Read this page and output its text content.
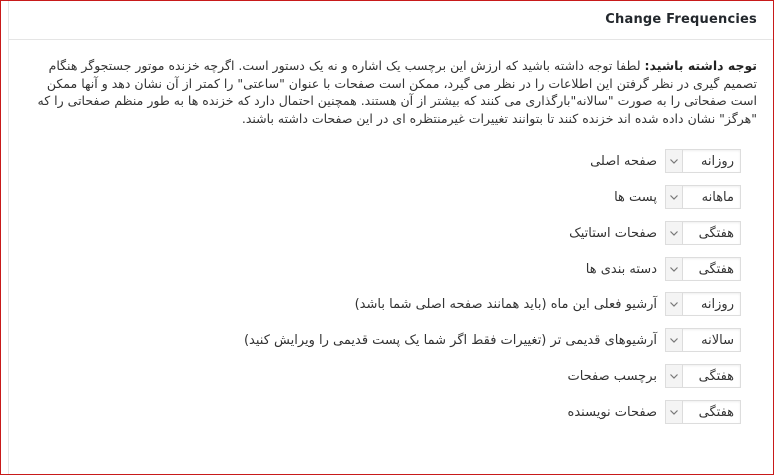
Change Frequencies

توجه داشته باشید: لطفا توجه داشته باشید که ارزش این برچسب یک اشاره و نه یک دستور است. اگرچه خزنده موتور جستجوگر هنگام تصمیم گیری در نظر گرفتن این اطلاعات را در نظر می گیرد، ممکن است صفحات با عنوان "ساعتی" را کمتر از آن نشان دهد و آنها ممکن است صفحاتی را به صورت "سالانه"بارگذاری می کنند که بیشتر از آن هستند. همچنین احتمال دارد که خزنده ها به طور منظم صفحاتی را که "هرگز" نشان داده شده اند خزنده کنند تا بتوانند تغییرات غیرمنتظره ای در این صفحات داشته باشند.

روزانه
صفحه اصلی
ماهانه
پست ها
هفتگی
صفحات استاتیک
هفتگی
دسته بندی ها
روزانه
آرشیو فعلی این ماه (باید همانند صفحه اصلی شما باشد)
سالانه
آرشیوهای قدیمی تر (تغییرات فقط اگر شما یک پست قدیمی را ویرایش کنید)
هفتگی
برچسب صفحات
هفتگی
صفحات نویسنده
